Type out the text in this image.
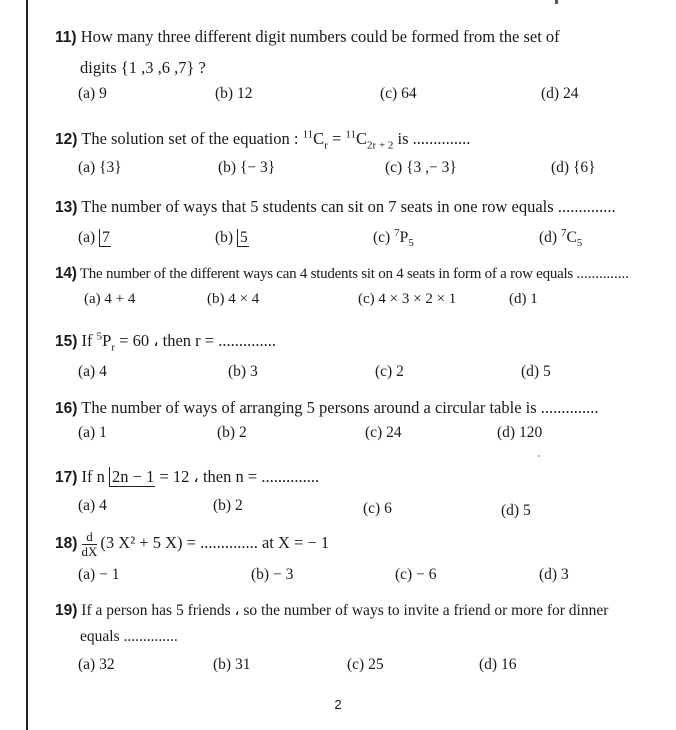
11) How many three different digit numbers could be formed from the set of
digits {1 ,3 ,6 ,7} ?
(a) 9	(b) 12	(c) 64	(d) 24
12) The solution set of the equation : $^{11}C_r = ^{11}C_{2r + 2}$ is ..............
(a) {3}	(b) {− 3}	(c) {3 ,− 3}	(d) {6}
13) The number of ways that 5 students can sit on 7 seats in one row equals ..............
(a) 7	(b) 5	(c) $^7P_5$	(d) $^7C_5$
14) The number of the different ways can 4 students sit on 4 seats in form of a row equals ..............
(a) 4 + 4	(b) 4 × 4	(c) 4 × 3 × 2 × 1	(d) 1
15) If $^5P_r = 60$ ، then r = ..............
(a) 4	(b) 3	(c) 2	(d) 5
16) The number of ways of arranging 5 persons around a circular table is ..............
(a) 1	(b) 2	(c) 24	(d) 120
17) If n 2n − 1 = 12 ، then n = ..............
(a) 4	(b) 2	(c) 6	(d) 5
$18) \frac{d}{dX} (3$ X² + 5 X) = .............. at X = − 1
(a) − 1	(b) − 3	(c) − 6	(d) 3
19) If a person has 5 friends ، so the number of ways to invite a friend or more for dinner
equals ..............
(a) 32	(b) 31	(c) 25	(d) 16
2
